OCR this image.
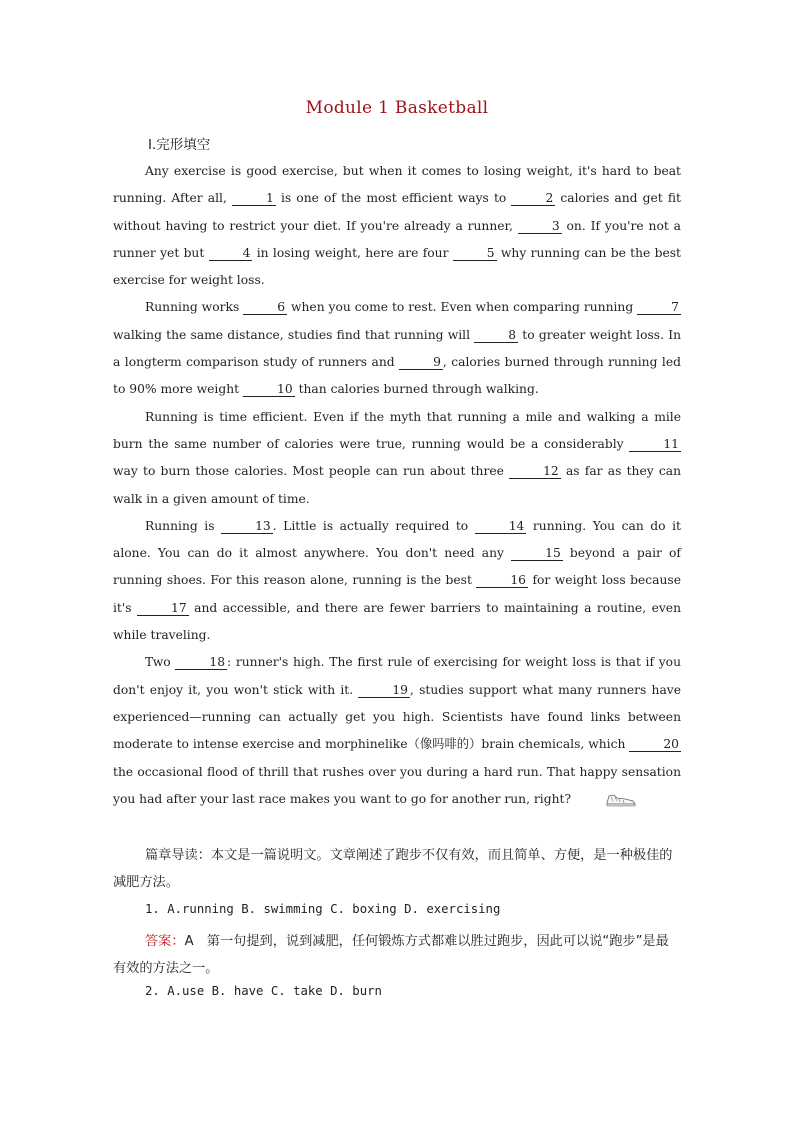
Module 1 Basketball
Ⅰ.完形填空

Any exercise is good exercise, but when it comes to losing weight, it's hard to beat running. After all,	1 is one of the most efficient ways to	2 calories and get fit without having to restrict your diet. If you're already a runner,	3 on. If you're not a runner yet but	4 in losing weight, here are four	5 why running can be the best exercise for weight loss.

Running works	6 when you come to rest. Even when comparing running	7 walking the same distance, studies find that running will	8 to greater weight loss. In a longterm comparison study of runners and	9 , calories burned through running led to 90% more weight	10 than calories burned through walking.

Running is time efficient. Even if the myth that running a mile and walking a mile burn the same number of calories were true, running would be a considerably	11 way to burn those calories. Most people can run about three	12 as far as they can walk in a given amount of time.

Running is	13 . Little is actually required to	14 running. You can do it alone. You can do it almost anywhere. You don't need any	15 beyond a pair of running shoes. For this reason alone, running is the best	16 for weight loss because it's	17 and accessible, and there are fewer barriers to maintaining a routine, even while traveling.

Two	18 : runner's high. The first rule of exercising for weight loss is that if you don't enjoy it, you won't stick with it.	19 , studies support what many runners have experienced—running can actually get you high. Scientists have found links between moderate to intense exercise and morphinelike（像吗啡的）brain chemicals, which	20 the occasional flood of thrill that rushes over you during a hard run. That happy sensation you had after your last race makes you want to go for another run, right?

篇章导读：本文是一篇说明文。文章阐述了跑步不仅有效，而且简单、方便，是一种极佳的减肥方法。
1. A.running B. swimming C. boxing D. exercising
答案：A　第一句提到，说到减肥，任何锻炼方式都难以胜过跑步，因此可以说“跑步”是最有效的方法之一。
2. A.use B. have C. take D. burn
